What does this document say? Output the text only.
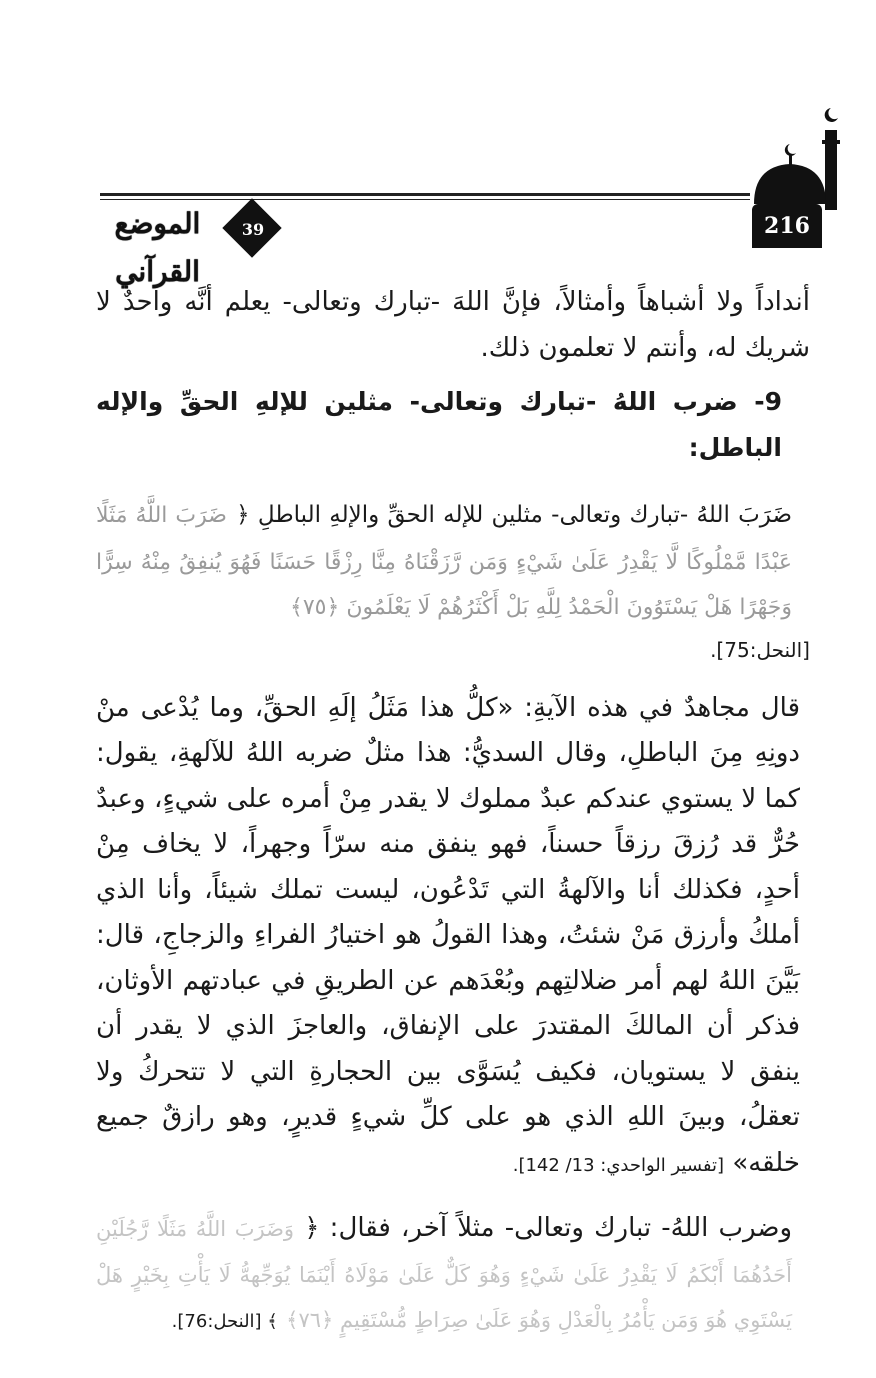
216
39
الموضع القرآني

أنداداً ولا أشباهاً وأمثالاً، فإنَّ اللهَ -تبارك وتعالى- يعلم أنَّه واحدٌ لا شريك له، وأنتم لا تعلمون ذلك.

9- ضرب اللهُ -تبارك وتعالى- مثلين للإلهِ الحقِّ والإله الباطل:

ضَرَبَ اللهُ -تبارك وتعالى- مثلين للإله الحقِّ والإلهِ الباطلِ ﴿ ضَرَبَ اللَّهُ مَثَلًا عَبْدًا مَّمْلُوكًا لَّا يَقْدِرُ عَلَىٰ شَيْءٍ وَمَن رَّزَقْنَاهُ مِنَّا رِزْقًا حَسَنًا فَهُوَ يُنفِقُ مِنْهُ سِرًّا وَجَهْرًا هَلْ يَسْتَوُونَ الْحَمْدُ لِلَّهِ بَلْ أَكْثَرُهُمْ لَا يَعْلَمُونَ ﴿٧٥﴾

[النحل:75].

قال مجاهدٌ في هذه الآيةِ: «كلُّ هذا مَثَلُ إلَهِ الحقِّ، وما يُدْعى منْ دونِهِ مِنَ الباطلِ، وقال السديُّ: هذا مثلٌ ضربه اللهُ للآلهةِ، يقول: كما لا يستوي عندكم عبدٌ مملوك لا يقدر مِنْ أمره على شيءٍ، وعبدٌ حُرٌّ قد رُزقَ رزقاً حسناً، فهو ينفق منه سرّاً وجهراً، لا يخاف مِنْ أحدٍ، فكذلك أنا والآلهةُ التي تَدْعُون، ليست تملك شيئاً، وأنا الذي أملكُ وأرزق مَنْ شئتُ، وهذا القولُ هو اختيارُ الفراءِ والزجاجِ، قال: بَيَّنَ اللهُ لهم أمر ضلالتِهم وبُعْدَهم عن الطريقِ في عبادتهم الأوثان، فذكر أن المالكَ المقتدرَ على الإنفاق، والعاجزَ الذي لا يقدر أن ينفق لا يستويان، فكيف يُسَوَّى بين الحجارةِ التي لا تتحركُ ولا تعقلُ، وبينَ اللهِ الذي هو على كلِّ شيءٍ قديرٍ، وهو رازقٌ جميع خلقه» [تفسير الواحدي: 13/ 142].

وضرب اللهُ- تبارك وتعالى- مثلاً آخر، فقال: ﴿ وَضَرَبَ اللَّهُ مَثَلًا رَّجُلَيْنِ أَحَدُهُمَا أَبْكَمُ لَا يَقْدِرُ عَلَىٰ شَيْءٍ وَهُوَ كَلٌّ عَلَىٰ مَوْلَاهُ أَيْنَمَا يُوَجِّههُّ لَا يَأْتِ بِخَيْرٍ هَلْ يَسْتَوِي هُوَ وَمَن يَأْمُرُ بِالْعَدْلِ وَهُوَ عَلَىٰ صِرَاطٍ مُّسْتَقِيمٍ ﴿٧٦﴾ ﴾ [النحل:76].
